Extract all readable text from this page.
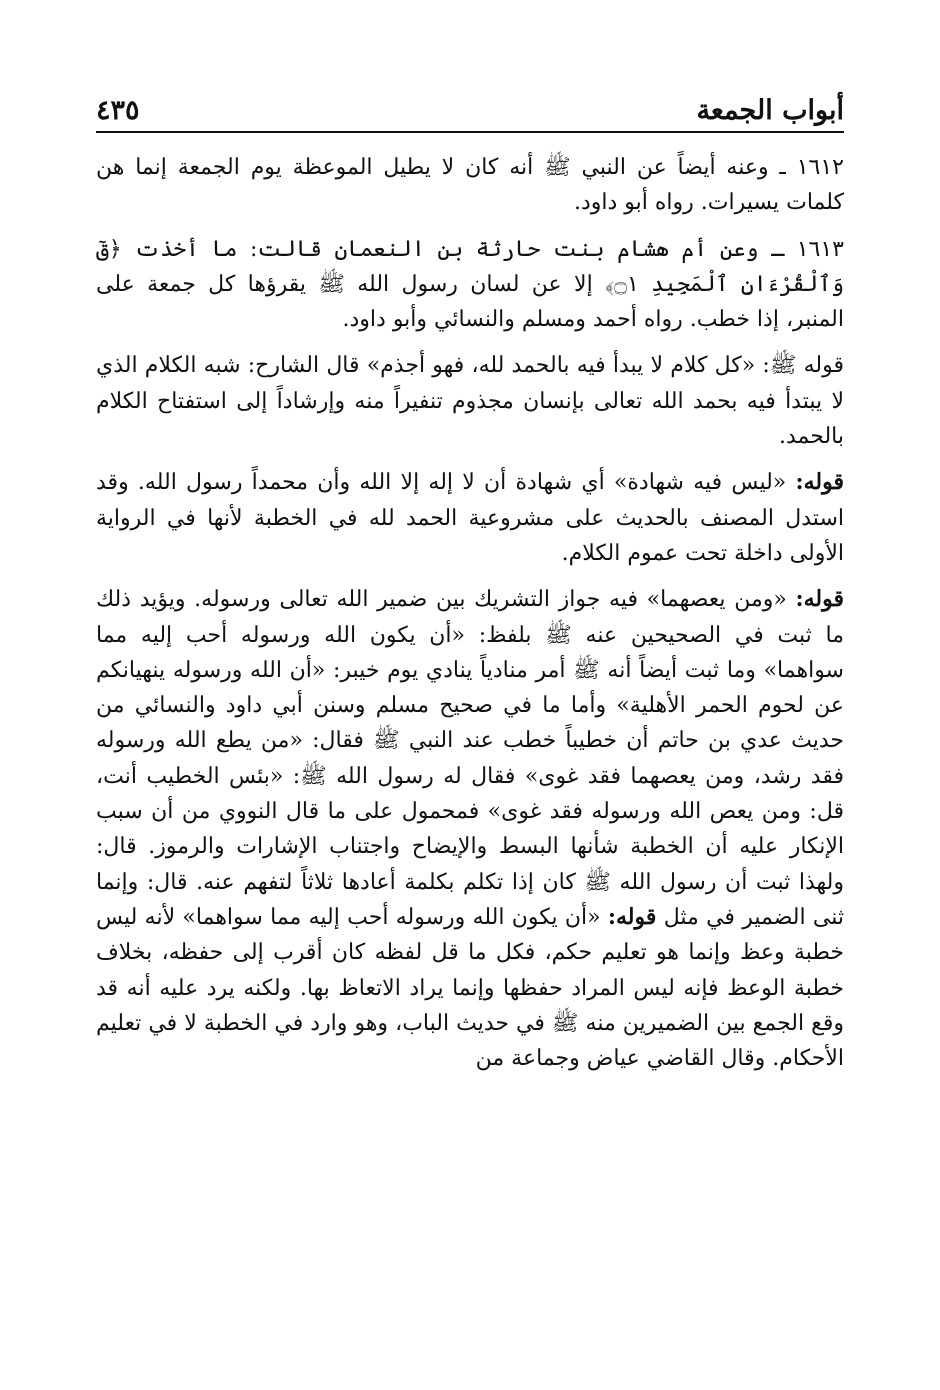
أبواب الجمعة
٤٣٥

١٦١٢ ـ وعنه أيضاً عن النبي ﷺ أنه كان لا يطيل الموعظة يوم الجمعة إنما هن كلمات يسيرات. رواه أبو داود.

١٦١٣ ـ وعن أم هشام بنت حارثة بن النعمان قالت: ما أخذت ﴿قٓ وَٱلْقُرْءَانِ ٱلْمَجِيدِ ۝١﴾ إلا عن لسان رسول الله ﷺ يقرؤها كل جمعة على المنبر، إذا خطب. رواه أحمد ومسلم والنسائي وأبو داود.

قوله ﷺ: «كل كلام لا يبدأ فيه بالحمد لله، فهو أجذم» قال الشارح: شبه الكلام الذي لا يبتدأ فيه بحمد الله تعالى بإنسان مجذوم تنفيراً منه وإرشاداً إلى استفتاح الكلام بالحمد.

قوله: «ليس فيه شهادة» أي شهادة أن لا إله إلا الله وأن محمداً رسول الله. وقد استدل المصنف بالحديث على مشروعية الحمد لله في الخطبة لأنها في الرواية الأولى داخلة تحت عموم الكلام.

قوله: «ومن يعصهما» فيه جواز التشريك بين ضمير الله تعالى ورسوله. ويؤيد ذلك ما ثبت في الصحيحين عنه ﷺ بلفظ: «أن يكون الله ورسوله أحب إليه مما سواهما» وما ثبت أيضاً أنه ﷺ أمر منادياً ينادي يوم خيبر: «أن الله ورسوله ينهيانكم عن لحوم الحمر الأهلية» وأما ما في صحيح مسلم وسنن أبي داود والنسائي من حديث عدي بن حاتم أن خطيباً خطب عند النبي ﷺ فقال: «من يطع الله ورسوله فقد رشد، ومن يعصهما فقد غوى» فقال له رسول الله ﷺ: «بئس الخطيب أنت، قل: ومن يعص الله ورسوله فقد غوى» فمحمول على ما قال النووي من أن سبب الإنكار عليه أن الخطبة شأنها البسط والإيضاح واجتناب الإشارات والرموز. قال: ولهذا ثبت أن رسول الله ﷺ كان إذا تكلم بكلمة أعادها ثلاثاً لتفهم عنه. قال: وإنما ثنى الضمير في مثل قوله: «أن يكون الله ورسوله أحب إليه مما سواهما» لأنه ليس خطبة وعظ وإنما هو تعليم حكم، فكل ما قل لفظه كان أقرب إلى حفظه، بخلاف خطبة الوعظ فإنه ليس المراد حفظها وإنما يراد الاتعاظ بها. ولكنه يرد عليه أنه قد وقع الجمع بين الضميرين منه ﷺ في حديث الباب، وهو وارد في الخطبة لا في تعليم الأحكام. وقال القاضي عياض وجماعة من
